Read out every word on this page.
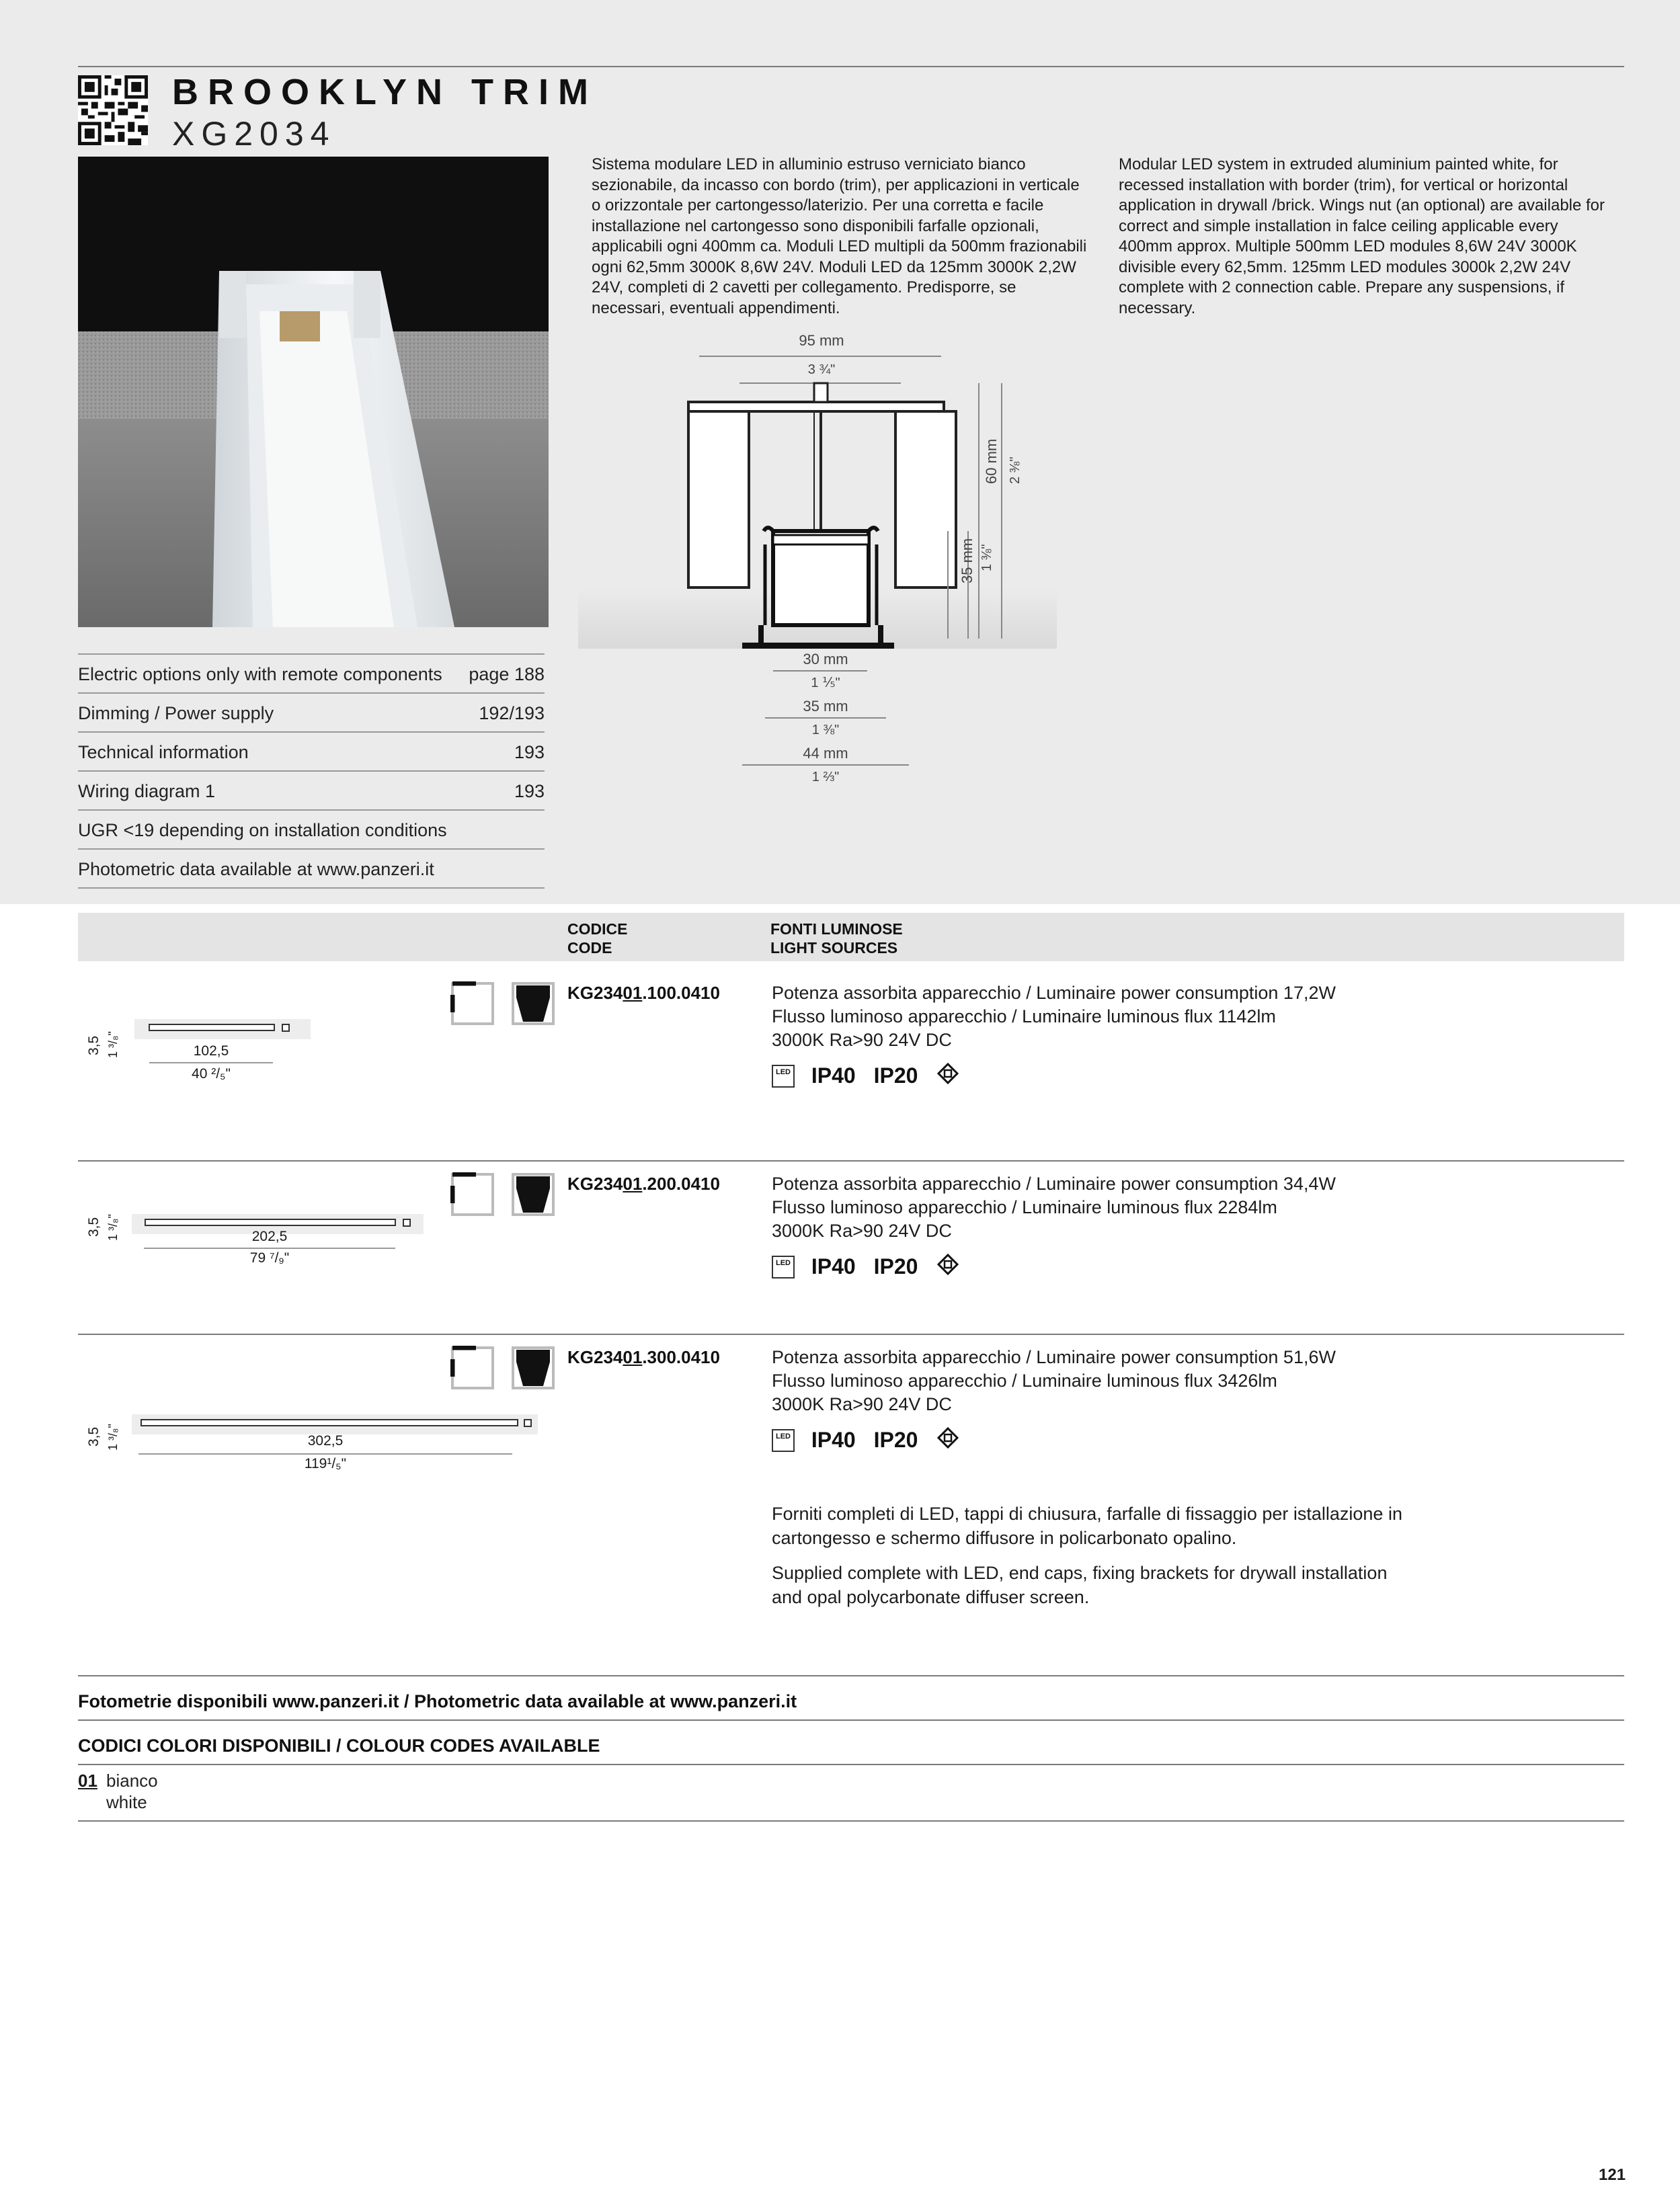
BROOKLYN TRIM
XG2034
Sistema modulare LED in alluminio estruso verniciato bianco sezionabile, da incasso con bordo (trim), per applicazioni in verticale o orizzontale per cartongesso/laterizio. Per una corretta e facile installazione nel cartongesso sono disponibili farfalle opzionali, applicabili ogni 400mm ca. Moduli LED multipli da 500mm frazionabili ogni 62,5mm 3000K 8,6W 24V. Moduli LED da 125mm 3000K 2,2W 24V, completi di 2 cavetti per collegamento. Predisporre, se necessari, eventuali appendimenti.
Modular LED system in extruded aluminium painted white, for recessed installation with border (trim), for vertical or horizontal application in drywall /brick. Wings nut (an optional) are available for correct and simple installation in falce ceiling applicable every 400mm approx. Multiple 500mm LED modules 8,6W 24V 3000K divisible every 62,5mm. 125mm LED modules 3000k 2,2W 24V complete with 2 connection cable. Prepare any suspensions, if necessary.
Electric options only with remote components page 188
Dimming / Power supply	192/193
Technical information	193
Wiring diagram 1	193
UGR <19 depending on installation conditions
Photometric data available at www.panzeri.it
95 mm
3 ¾"
60 mm 2 ⅜"
35 mm 1 ⅜"
30 mm
1 ⅕"
35 mm
1 ⅜"
44 mm
1 ⅔"
CODICE
CODE
FONTI LUMINOSE
LIGHT SOURCES
KG23401.100.0410	Potenza assorbita apparecchio / Luminaire power consumption 17,2W
Flusso luminoso apparecchio / Luminaire luminous flux 1142lm
3000K Ra>90 24V DC
LED IP40 IP20
3,5 1 ³/₈"	102,5
40 ²/₅"
KG23401.200.0410	Potenza assorbita apparecchio / Luminaire power consumption 34,4W
Flusso luminoso apparecchio / Luminaire luminous flux 2284lm
3000K Ra>90 24V DC
LED IP40 IP20
3,5 1 ³/₈"	202,5
79 ⁷/₉"
KG23401.300.0410	Potenza assorbita apparecchio / Luminaire power consumption 51,6W
Flusso luminoso apparecchio / Luminaire luminous flux 3426lm
3000K Ra>90 24V DC
LED IP40 IP20
3,5 1 ³/₈"	302,5
119¹/₅"
Forniti completi di LED, tappi di chiusura, farfalle di fissaggio per istallazione in cartongesso e schermo diffusore in policarbonato opalino.
Supplied complete with LED, end caps, fixing brackets for drywall installation and opal polycarbonate diffuser screen.
Fotometrie disponibili www.panzeri.it / Photometric data available at www.panzeri.it
CODICI COLORI DISPONIBILI / COLOUR CODES AVAILABLE
01 bianco
white
121
